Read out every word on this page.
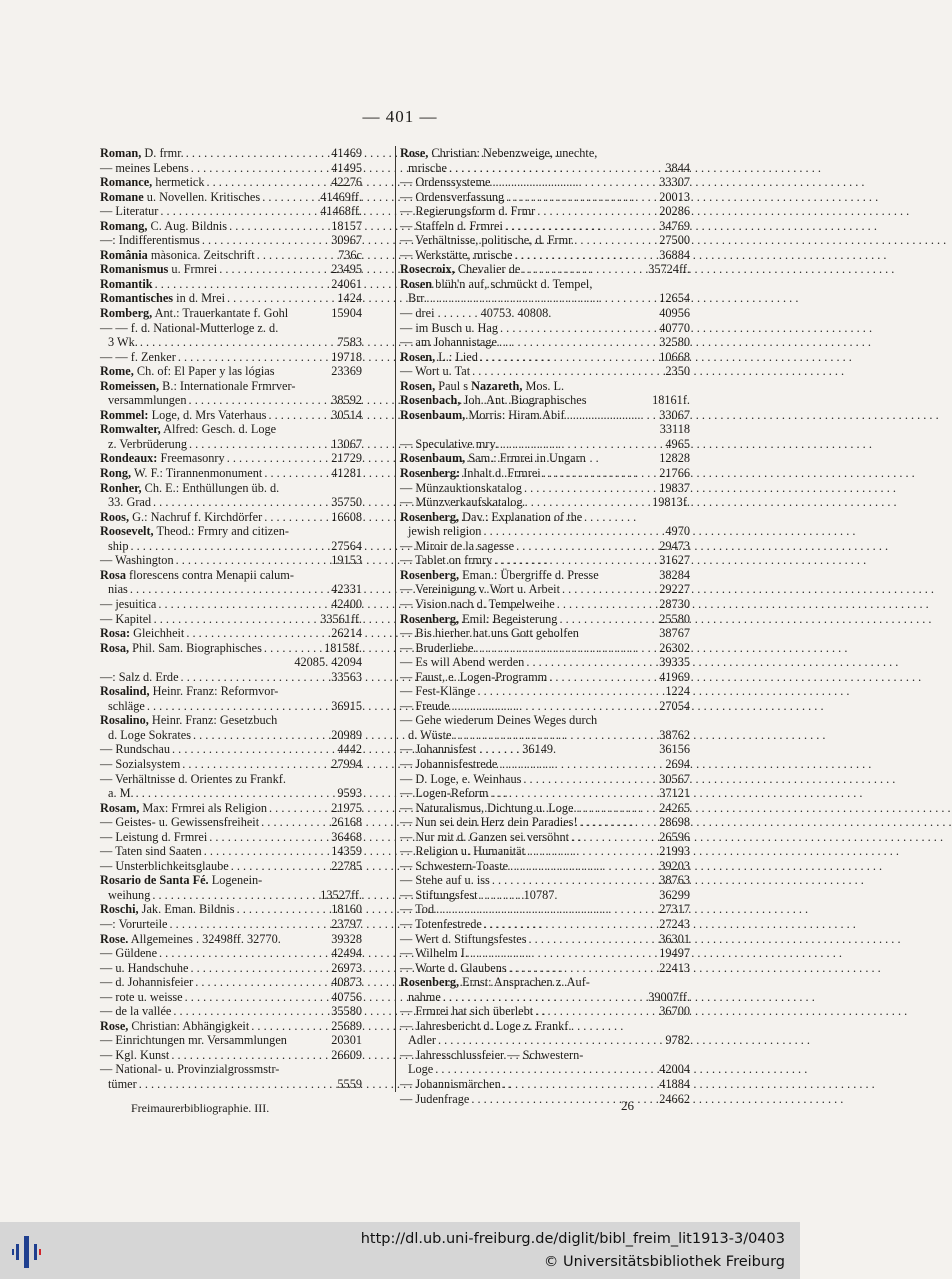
— 401 —
Roman, D. frmr. . . .	41469
— meines Lebens . . .	41495
Romance, hermetick . . .	42276
Romane u. Novellen. Kritisches . . .	41469ff.
— Literatur . . .	41468ff.
Romang, C. Aug. Bildnis . . .	18157
—: Indifferentismus . . .	30967
România màsonica. Zeitschrift . . .	736c
Romanismus u. Frmrei . . .	23495
Romantik . . .	24061
Romantisches in d. Mrei . . .	1424
Romberg, Ant.: Trauerkantate f. Gohl	15904
— — f. d. National-Mutterloge z. d.
3 Wk. . . .	7583
— — f. Zenker . . .	19718
Rome, Ch. of: El Paper y las lógias	23369
Romeissen, B.: Internationale Frmrver-
versammlungen . . .	38592
Rommel: Loge, d. Mrs Vaterhaus . . .	30514
Romwalter, Alfred: Gesch. d. Loge
z. Verbrüderung . . .	13067
Rondeaux: Freemasonry . . .	21729
Rong, W. F.: Tirannenmonument . . .	41281
Ronher, Ch. E.: Enthüllungen üb. d.
33. Grad . . .	35750
Roos, G.: Nachruf f. Kirchdörfer . . .	16608
Roosevelt, Theod.: Frmry and citizen-
ship . . .	27564
— Washington . . .	19153
Rosa florescens contra Menapii calum-
nias . . .	42331
— jesuitica . . .	42400
— Kapitel . . .	33561ff.
Rosa: Gleichheit . . .	26214
Rosa, Phil. Sam. Biographisches . . .	18158f.
42085. 42094
—: Salz d. Erde . . .	33563
Rosalind, Heinr. Franz: Reformvor-
schläge . . .	36915
Rosalino, Heinr. Franz: Gesetzbuch
d. Loge Sokrates . . .	20989
— Rundschau . . .	4442
— Sozialsystem . . .	27994
— Verhältnisse d. Orientes zu Frankf.
a. M. . . .	9593
Rosam, Max: Frmrei als Religion . . .	21975
— Geistes- u. Gewissensfreiheit . . .	26168
— Leistung d. Frmrei . . .	36468
— Taten sind Saaten . . .	14359
— Unsterblichkeitsglaube . . .	22785
Rosario de Santa Fé. Logenein-
weihung . . .	13527ff.
Roschi, Jak. Eman. Bildnis . . .	18160
—: Vorurteile . . .	23797
Rose. Allgemeines . 32498ff. 32770.	39328
— Güldene . . .	42494
— u. Handschuhe . . .	26973
— d. Johannisfeier . . .	40873
— rote u. weisse . . .	40756
— de la vallée . . .	35580
Rose, Christian: Abhängigkeit . . .	25689
— Einrichtungen mr. Versammlungen	20301
— Kgl. Kunst . . .	26609
— National- u. Provinzialgrossmstr-
tümer . . .	5559
Rose, Christian: Nebenzweige, unechte,
mrische . . .	3844
— Ordenssysteme . . .	33307
— Ordensverfassung . . .	20013
— Regierungsform d. Frmr . . .	20286
— Staffeln d. Frmrei . . .	34769
— Verhältnisse, politische, d. Frmr . . .	27500
— Werkstätte, mrische . . .	36884
Rosecroix, Chevalier de . . .	35724ff.
Rosen blüh'n auf, schmückt d. Tempel,
Brr . . .	12654
— drei . . . . . . . 40753. 40808.	40956
— im Busch u. Hag . . .	40770
— am Johannistage . . .	32580
Rosen, L.: Lied . . .	10668
— Wort u. Tat . . .	2350
Rosen, Paul s Nazareth, Mos. L.
Rosenbach, Joh. Ant. Biographisches	18161f.
Rosenbaum, Morris: Hiram Abif . . .	33067
33118
— Speculative mry. . . .	4965
Rosenbaum, Sam.: Frmrei in Ungarn	12828
Rosenberg: Inhalt d. Frmrei . . .	21766
— Münzauktionskatalog . . .	19837
— Münzverkaufskatalog . . .	19813f.
Rosenberg, Dav.: Explanation of the
jewish religion . . .	4970
— Miroir de la sagesse . . .	29473
— Tablet on frmry . . .	31627
Rosenberg, Eman.: Übergriffe d. Presse	38284
— Vereinigung v. Wort u. Arbeit . . .	29227
— Vision nach d. Tempelweihe . . .	28730
Rosenberg, Emil: Begeisterung . . .	25580
— Bis hierher hat uns Gott geholfen	38767
— Bruderliebe . . .	26302
— Es will Abend werden . . .	39335
— Faust, e. Logen-Programm . . .	41969
— Fest-Klänge . . .	1224
— Freude . . .	27054
— Gehe wiederum Deines Weges durch
d. Wüste . . .	38762
— Johannisfest . . . . . . . 36149.	36156
— Johannisfestrede . . .	2694
— D. Loge, e. Weinhaus . . .	30567
— Logen-Reform . . .	37121
— Naturalismus, Dichtung u. Loge. . . .	24265
— Nun sei dein Herz dein Paradies! . . .	28698
— Nur mit d. Ganzen sei versöhnt . . .	26596
— Religion u. Humanität . . .	21993
— Schwestern-Toaste . . .	39203
— Stehe auf u. iss . . .	38763
— Stiftungsfest . . . . . . . 10787.	36299
— Tod . . .	27317
— Totenfestrede . . .	27243
— Wert d. Stiftungsfestes . . .	36301
— Wilhelm I. . . .	19497
— Worte d. Glaubens . . .	22413
Rosenberg, Ernst: Ansprachen z. Auf-
nahme . . .	39007ff.
— Frmrei hat sich überlebt . . .	36700
— Jahresbericht d. Loge z. Frankf.
Adler . . .	9782
— Jahresschlussfeier — Schwestern-
Loge . . .	42004
— Johannismärchen . . .	41884
— Judenfrage . . .	24662
Freimaurerbibliographie. III.	26
http://dl.ub.uni-freiburg.de/diglit/bibl_freim_lit1913-3/0403
© Universitätsbibliothek Freiburg
